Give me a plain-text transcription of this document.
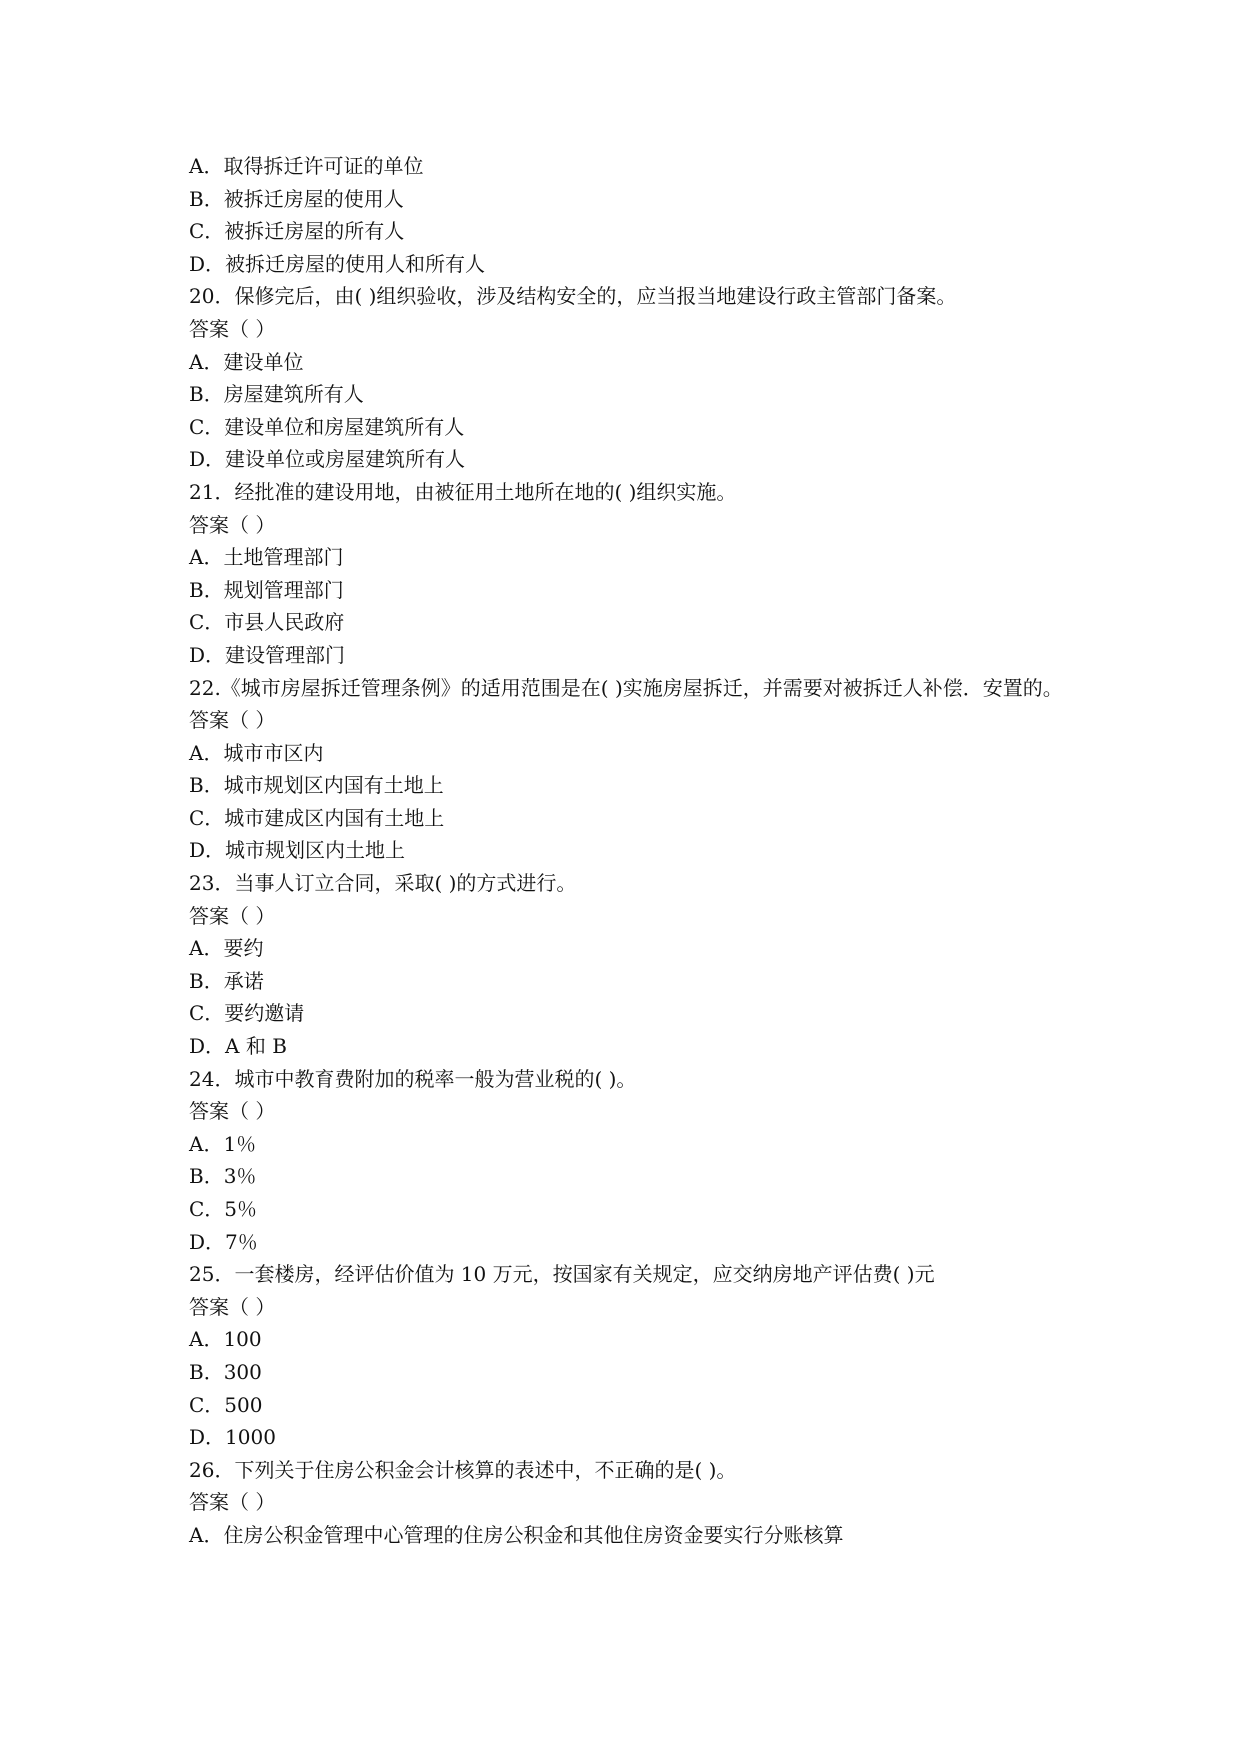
A．取得拆迁许可证的单位
B．被拆迁房屋的使用人
C．被拆迁房屋的所有人
D．被拆迁房屋的使用人和所有人
20．保修完后，由( )组织验收，涉及结构安全的，应当报当地建设行政主管部门备案。
答案（ ）
A．建设单位
B．房屋建筑所有人
C．建设单位和房屋建筑所有人
D．建设单位或房屋建筑所有人
21．经批准的建设用地，由被征用土地所在地的( )组织实施。
答案（ ）
A．土地管理部门
B．规划管理部门
C．市县人民政府
D．建设管理部门
22.《城市房屋拆迁管理条例》的适用范围是在( )实施房屋拆迁，并需要对被拆迁人补偿．安置的。
答案（ ）
A．城市市区内
B．城市规划区内国有土地上
C．城市建成区内国有土地上
D．城市规划区内土地上
23．当事人订立合同，采取( )的方式进行。
答案（ ）
A．要约
B．承诺
C．要约邀请
D．A 和 B
24．城市中教育费附加的税率一般为营业税的( )。
答案（ ）
A．1％
B．3％
C．5％
D．7％
25．一套楼房，经评估价值为 10 万元，按国家有关规定，应交纳房地产评估费( )元
答案（ ）
A．100
B．300
C．500
D．1000
26．下列关于住房公积金会计核算的表述中，不正确的是( )。
答案（ ）
A．住房公积金管理中心管理的住房公积金和其他住房资金要实行分账核算
